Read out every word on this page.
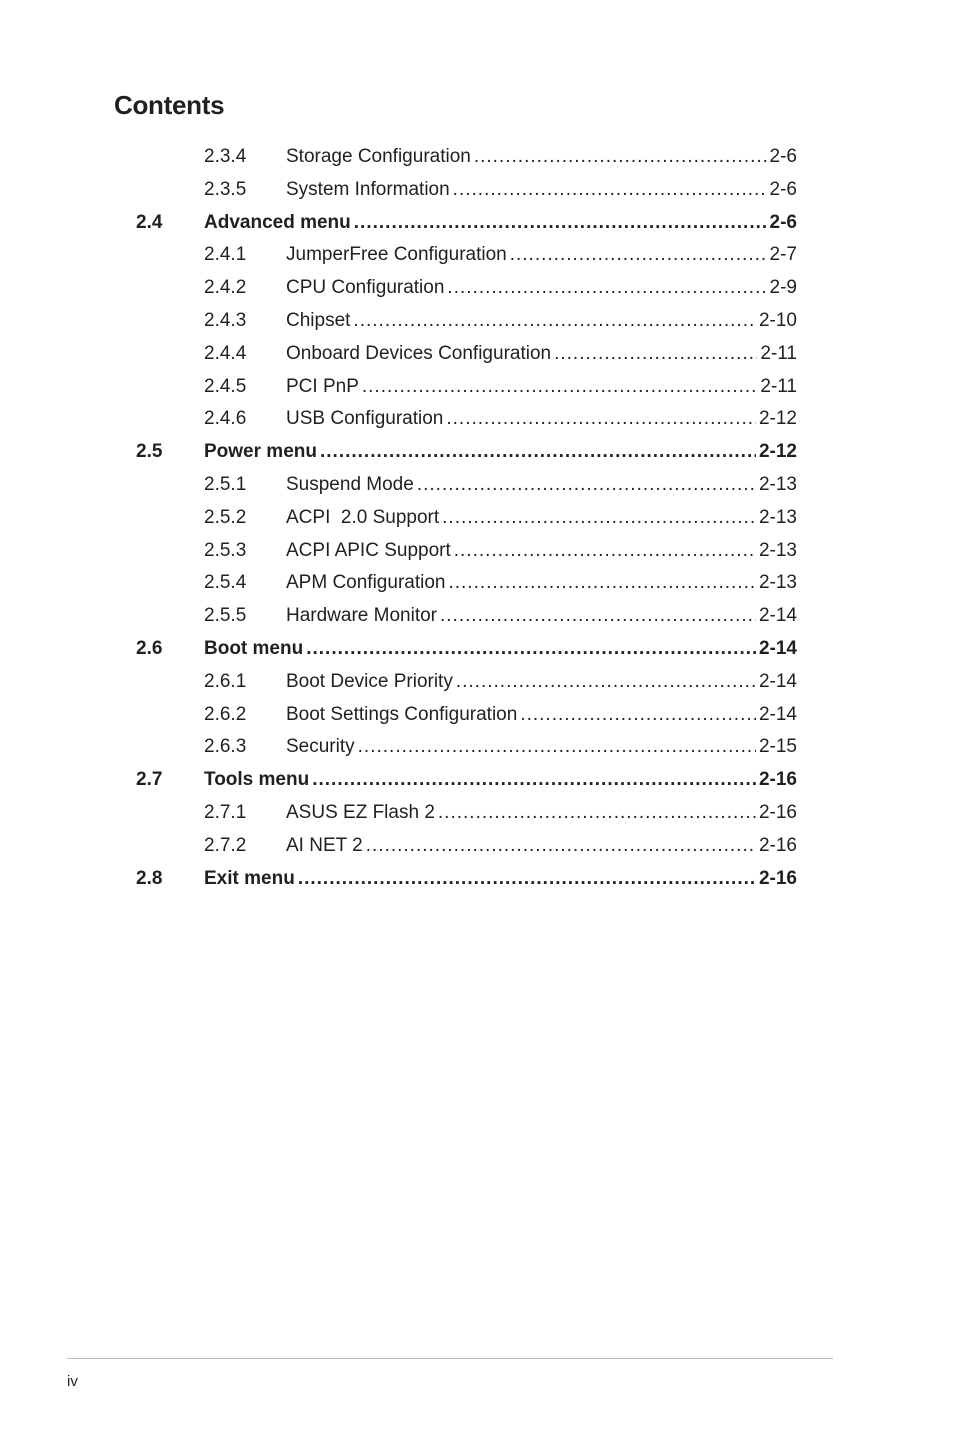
Contents
2.3.4 Storage Configuration .....	2-6
2.3.5 System Information .....	2-6
2.4 Advanced menu .....	2-6
2.4.1 JumperFree Configuration .....	2-7
2.4.2 CPU Configuration .....	2-9
2.4.3 Chipset .....	2-10
2.4.4 Onboard Devices Configuration .....	2-11
2.4.5 PCI PnP .....	2-11
2.4.6 USB Configuration .....	2-12
2.5 Power menu .....	2-12
2.5.1 Suspend Mode .....	2-13
2.5.2 ACPI  2.0 Support .....	2-13
2.5.3 ACPI APIC Support .....	2-13
2.5.4 APM Configuration .....	2-13
2.5.5 Hardware Monitor .....	2-14
2.6 Boot menu .....	2-14
2.6.1 Boot Device Priority .....	2-14
2.6.2 Boot Settings Configuration .....	2-14
2.6.3 Security .....	2-15
2.7 Tools menu .....	2-16
2.7.1 ASUS EZ Flash 2 .....	2-16
2.7.2 AI NET 2 .....	2-16
2.8 Exit menu .....	2-16
iv
